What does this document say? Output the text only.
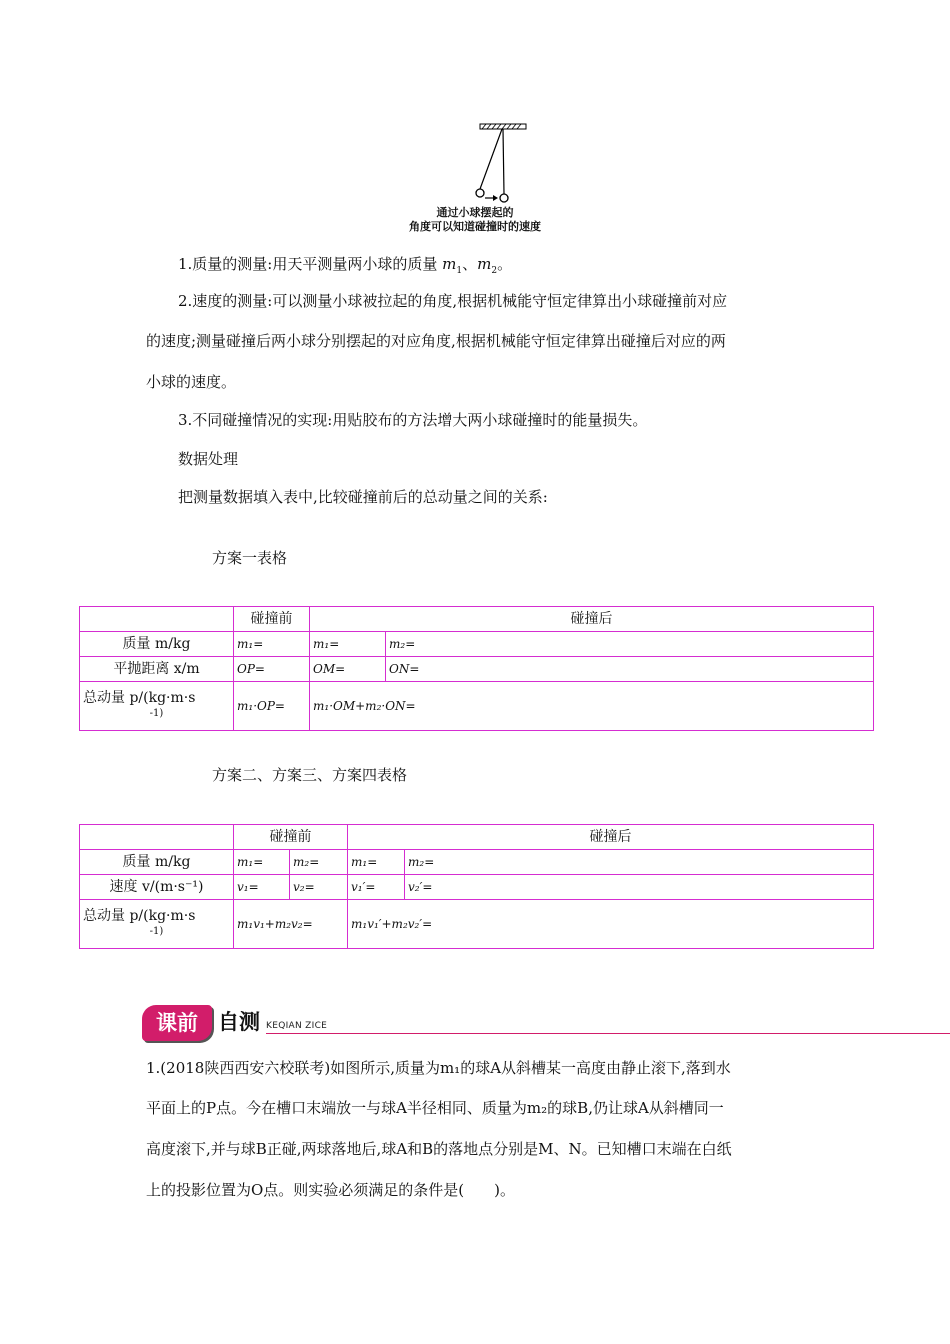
通过小球摆起的
角度可以知道碰撞时的速度
1.质量的测量:用天平测量两小球的质量 $m_1$、$m_2$。
2.速度的测量:可以测量小球被拉起的角度,根据机械能守恒定律算出小球碰撞前对应
的速度;测量碰撞后两小球分别摆起的对应角度,根据机械能守恒定律算出碰撞后对应的两
小球的速度。
3.不同碰撞情况的实现:用贴胶布的方法增大两小球碰撞时的能量损失。
数据处理
把测量数据填入表中,比较碰撞前后的总动量之间的关系:
方案一表格
	碰撞前	碰撞后	
质量 m/kg	m₁=	m₁=	m₂=
平抛距离 x/m	OP=	OM=	ON=
总动量 p/(kg·m·s

-1)	m₁·OP=	m₁·OM+m₂·ON=	
方案二、方案三、方案四表格
	碰撞前		碰撞后	
质量 m/kg	m₁=	m₂=	m₁=	m₂=
速度 v/(m·s⁻¹)	v₁=	v₂=	v₁′=	v₂′=
总动量 p/(kg·m·s

-1)	m₁v₁+m₂v₂=		m₁v₁′+m₂v₂′=	
课前 自测 KEQIAN ZICE
1.(2018陕西西安六校联考)如图所示,质量为m₁的球A从斜槽某一高度由静止滚下,落到水
平面上的P点。今在槽口末端放一与球A半径相同、质量为m₂的球B,仍让球A从斜槽同一
高度滚下,并与球B正碰,两球落地后,球A和B的落地点分别是M、N。已知槽口末端在白纸
上的投影位置为O点。则实验必须满足的条件是(　　)。
